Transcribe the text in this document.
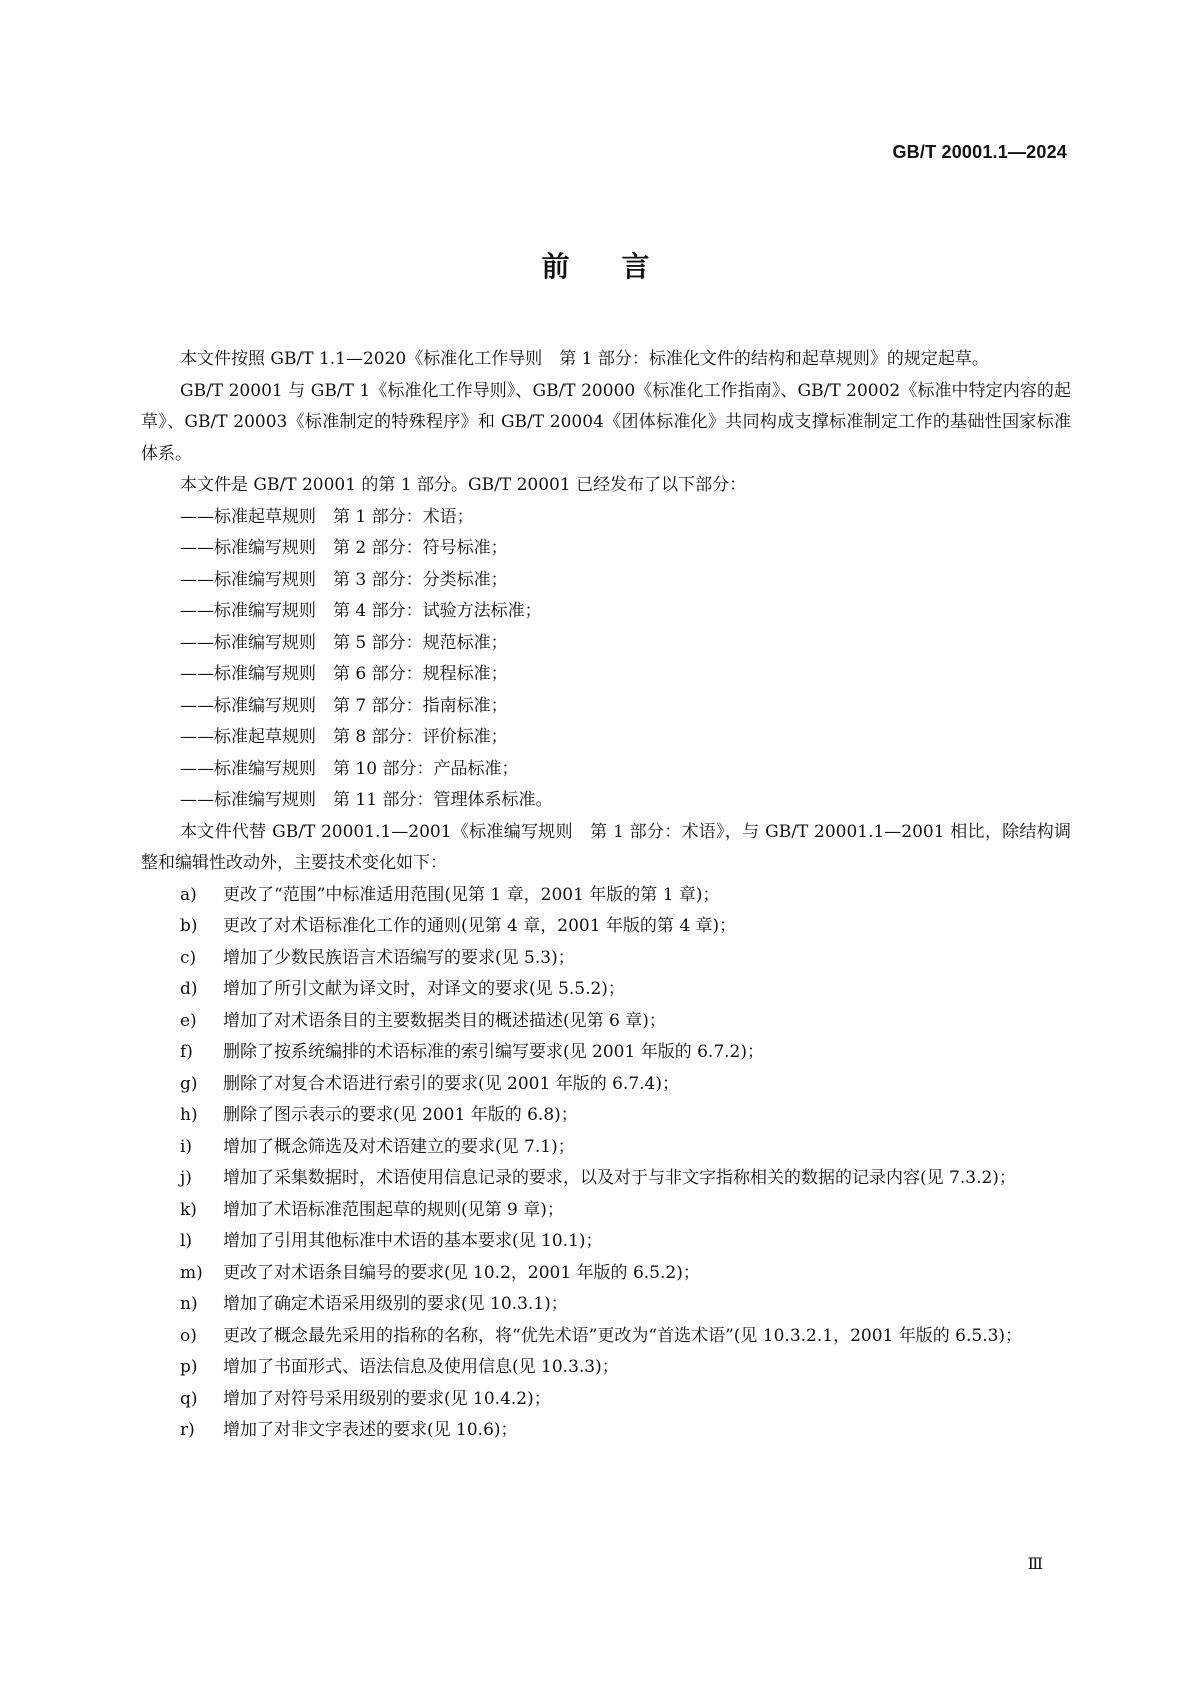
GB/T 20001.1—2024
前言

本文件按照 GB/T 1.1—2020《标准化工作导则　第 1 部分：标准化文件的结构和起草规则》的规定起草。

GB/T 20001 与 GB/T 1《标准化工作导则》、GB/T 20000《标准化工作指南》、GB/T 20002《标准中特定内容的起草》、GB/T 20003《标准制定的特殊程序》和 GB/T 20004《团体标准化》共同构成支撑标准制定工作的基础性国家标准体系。

本文件是 GB/T 20001 的第 1 部分。GB/T 20001 已经发布了以下部分：

——标准起草规则　第 1 部分：术语；

——标准编写规则　第 2 部分：符号标准；

——标准编写规则　第 3 部分：分类标准；

——标准编写规则　第 4 部分：试验方法标准；

——标准编写规则　第 5 部分：规范标准；

——标准编写规则　第 6 部分：规程标准；

——标准编写规则　第 7 部分：指南标准；

——标准起草规则　第 8 部分：评价标准；

——标准编写规则　第 10 部分：产品标准；

——标准编写规则　第 11 部分：管理体系标准。

本文件代替 GB/T 20001.1—2001《标准编写规则　第 1 部分：术语》，与 GB/T 20001.1—2001 相比，除结构调整和编辑性改动外，主要技术变化如下：

a) 更改了“范围”中标准适用范围(见第 1 章，2001 年版的第 1 章)；

b) 更改了对术语标准化工作的通则(见第 4 章，2001 年版的第 4 章)；

c) 增加了少数民族语言术语编写的要求(见 5.3)；

d) 增加了所引文献为译文时，对译文的要求(见 5.5.2)；

e) 增加了对术语条目的主要数据类目的概述描述(见第 6 章)；

f) 删除了按系统编排的术语标准的索引编写要求(见 2001 年版的 6.7.2)；

g) 删除了对复合术语进行索引的要求(见 2001 年版的 6.7.4)；

h) 删除了图示表示的要求(见 2001 年版的 6.8)；

i) 增加了概念筛选及对术语建立的要求(见 7.1)；

j) 增加了采集数据时，术语使用信息记录的要求，以及对于与非文字指称相关的数据的记录内容(见 7.3.2)；

k) 增加了术语标准范围起草的规则(见第 9 章)；

l) 增加了引用其他标准中术语的基本要求(见 10.1)；

m) 更改了对术语条目编号的要求(见 10.2，2001 年版的 6.5.2)；

n) 增加了确定术语采用级别的要求(见 10.3.1)；

o) 更改了概念最先采用的指称的名称，将“优先术语”更改为“首选术语”(见 10.3.2.1，2001 年版的 6.5.3)；

p) 增加了书面形式、语法信息及使用信息(见 10.3.3)；

q) 增加了对符号采用级别的要求(见 10.4.2)；

r) 增加了对非文字表述的要求(见 10.6)；

Ⅲ
